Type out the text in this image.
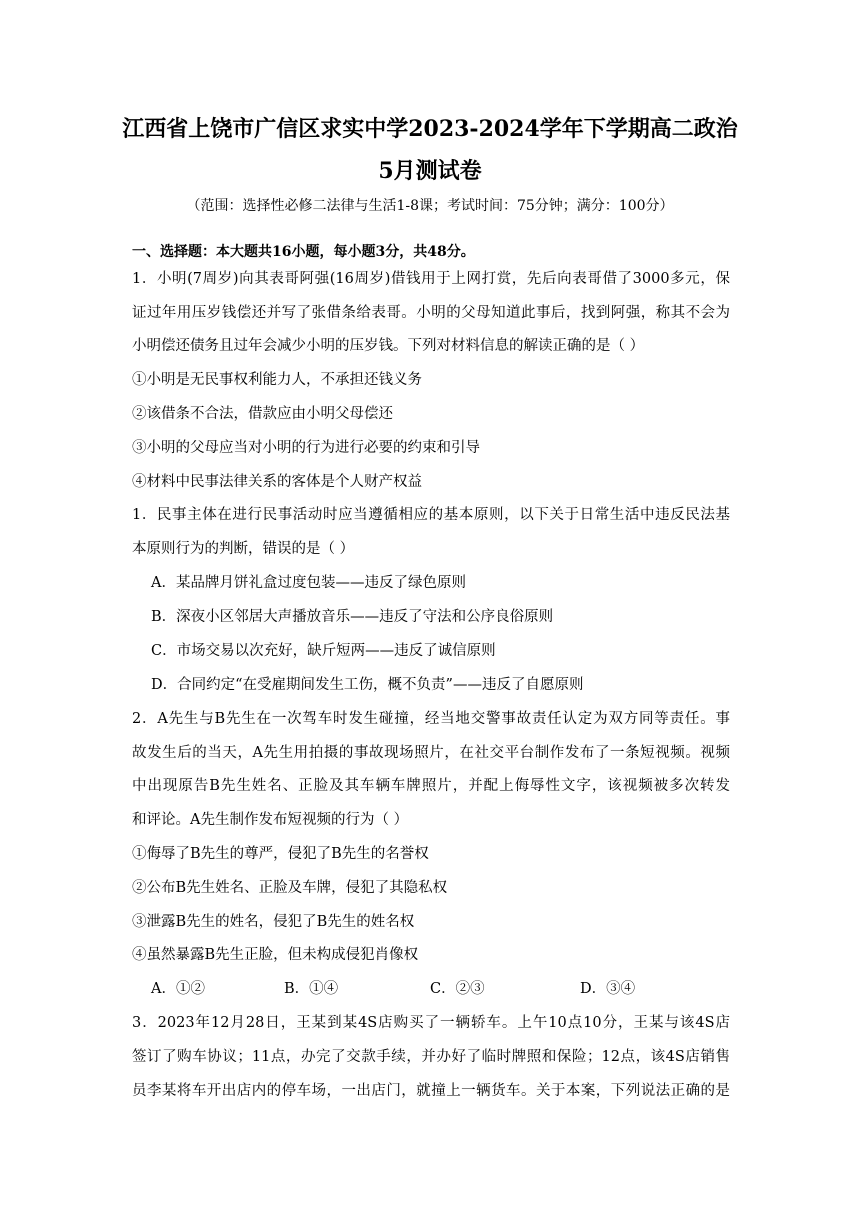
江西省上饶市广信区求实中学2023-2024学年下学期高二政治
5月测试卷
（范围：选择性必修二法律与生活1-8课；考试时间：75分钟；满分：100分）
一、选择题：本大题共16小题，每小题3分，共48分。
1．小明(7周岁)向其表哥阿强(16周岁)借钱用于上网打赏，先后向表哥借了3000多元，保
证过年用压岁钱偿还并写了张借条给表哥。小明的父母知道此事后，找到阿强，称其不会为
小明偿还债务且过年会减少小明的压岁钱。下列对材料信息的解读正确的是（ ）
①小明是无民事权利能力人，不承担还钱义务
②该借条不合法，借款应由小明父母偿还
③小明的父母应当对小明的行为进行必要的约束和引导
④材料中民事法律关系的客体是个人财产权益
1．民事主体在进行民事活动时应当遵循相应的基本原则，以下关于日常生活中违反民法基
本原则行为的判断，错误的是（ ）
A．某品牌月饼礼盒过度包装——违反了绿色原则
B．深夜小区邻居大声播放音乐——违反了守法和公序良俗原则
C．市场交易以次充好，缺斤短两——违反了诚信原则
D．合同约定“在受雇期间发生工伤，概不负责”——违反了自愿原则
2．A先生与B先生在一次驾车时发生碰撞，经当地交警事故责任认定为双方同等责任。事
故发生后的当天，A先生用拍摄的事故现场照片，在社交平台制作发布了一条短视频。视频
中出现原告B先生姓名、正脸及其车辆车牌照片，并配上侮辱性文字，该视频被多次转发
和评论。A先生制作发布短视频的行为（ ）
①侮辱了B先生的尊严，侵犯了B先生的名誉权
②公布B先生姓名、正脸及车牌，侵犯了其隐私权
③泄露B先生的姓名，侵犯了B先生的姓名权
④虽然暴露B先生正脸，但未构成侵犯肖像权
A．①②	B．①④	C．②③	D．③④
3．2023年12月28日，王某到某4S店购买了一辆轿车。上午10点10分，王某与该4S店
签订了购车协议；11点，办完了交款手续，并办好了临时牌照和保险；12点，该4S店销售
员李某将车开出店内的停车场，一出店门，就撞上一辆货车。关于本案，下列说法正确的是
